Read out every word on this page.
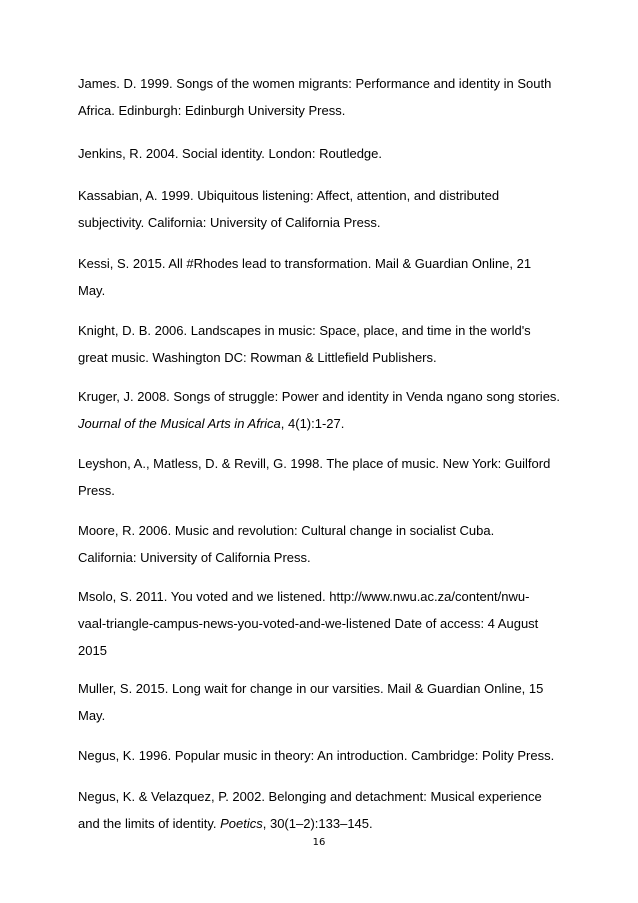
James. D. 1999. Songs of the women migrants: Performance and identity in South
Africa. Edinburgh: Edinburgh University Press.

Jenkins, R. 2004. Social identity. London: Routledge.

Kassabian, A. 1999. Ubiquitous listening: Affect, attention, and distributed
subjectivity. California: University of California Press.

Kessi, S. 2015. All #Rhodes lead to transformation. Mail & Guardian Online, 21
May.

Knight, D. B. 2006. Landscapes in music: Space, place, and time in the world's
great music. Washington DC: Rowman & Littlefield Publishers.

Kruger, J. 2008. Songs of struggle: Power and identity in Venda ngano song stories.
Journal of the Musical Arts in Africa, 4(1):1-27.

Leyshon, A., Matless, D. & Revill, G. 1998. The place of music. New York: Guilford
Press.

Moore, R. 2006. Music and revolution: Cultural change in socialist Cuba.
California: University of California Press.

Msolo, S. 2011. You voted and we listened. http://www.nwu.ac.za/content/nwu-
vaal-triangle-campus-news-you-voted-and-we-listened Date of access: 4 August
2015

Muller, S. 2015. Long wait for change in our varsities. Mail & Guardian Online, 15
May.

Negus, K. 1996. Popular music in theory: An introduction. Cambridge: Polity Press.

Negus, K. & Velazquez, P. 2002. Belonging and detachment: Musical experience
and the limits of identity. Poetics, 30(1–2):133–145.

16
